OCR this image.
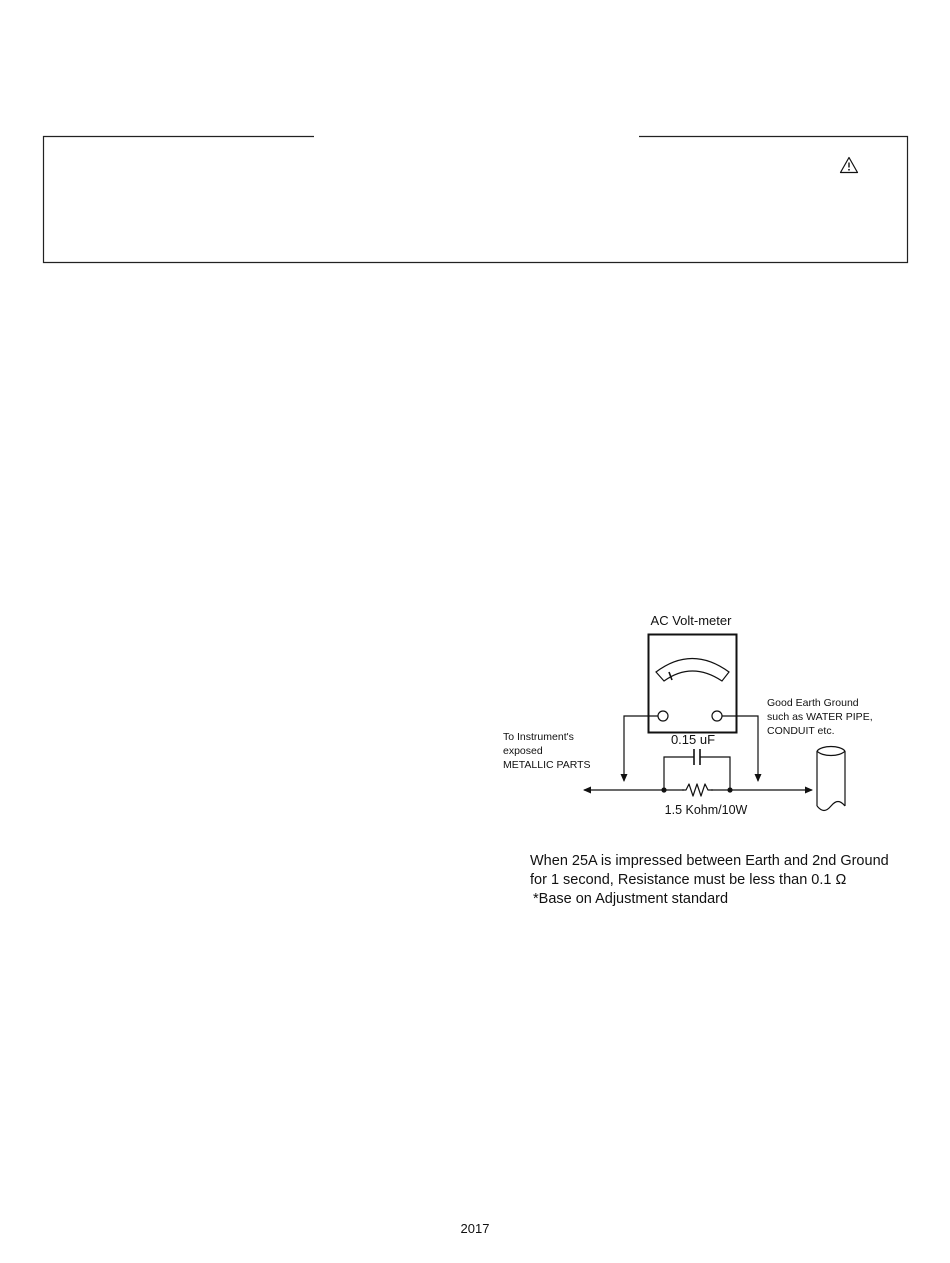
AC Volt-meter
0.15 uF
1.5 Kohm/10W
To Instrument's
exposed
METALLIC PARTS
Good Earth Ground
such as WATER PIPE,
CONDUIT etc.
When 25A is impressed between Earth and 2nd Ground
for 1 second, Resistance must be less than 0.1 Ω
*Base on Adjustment standard
2017
